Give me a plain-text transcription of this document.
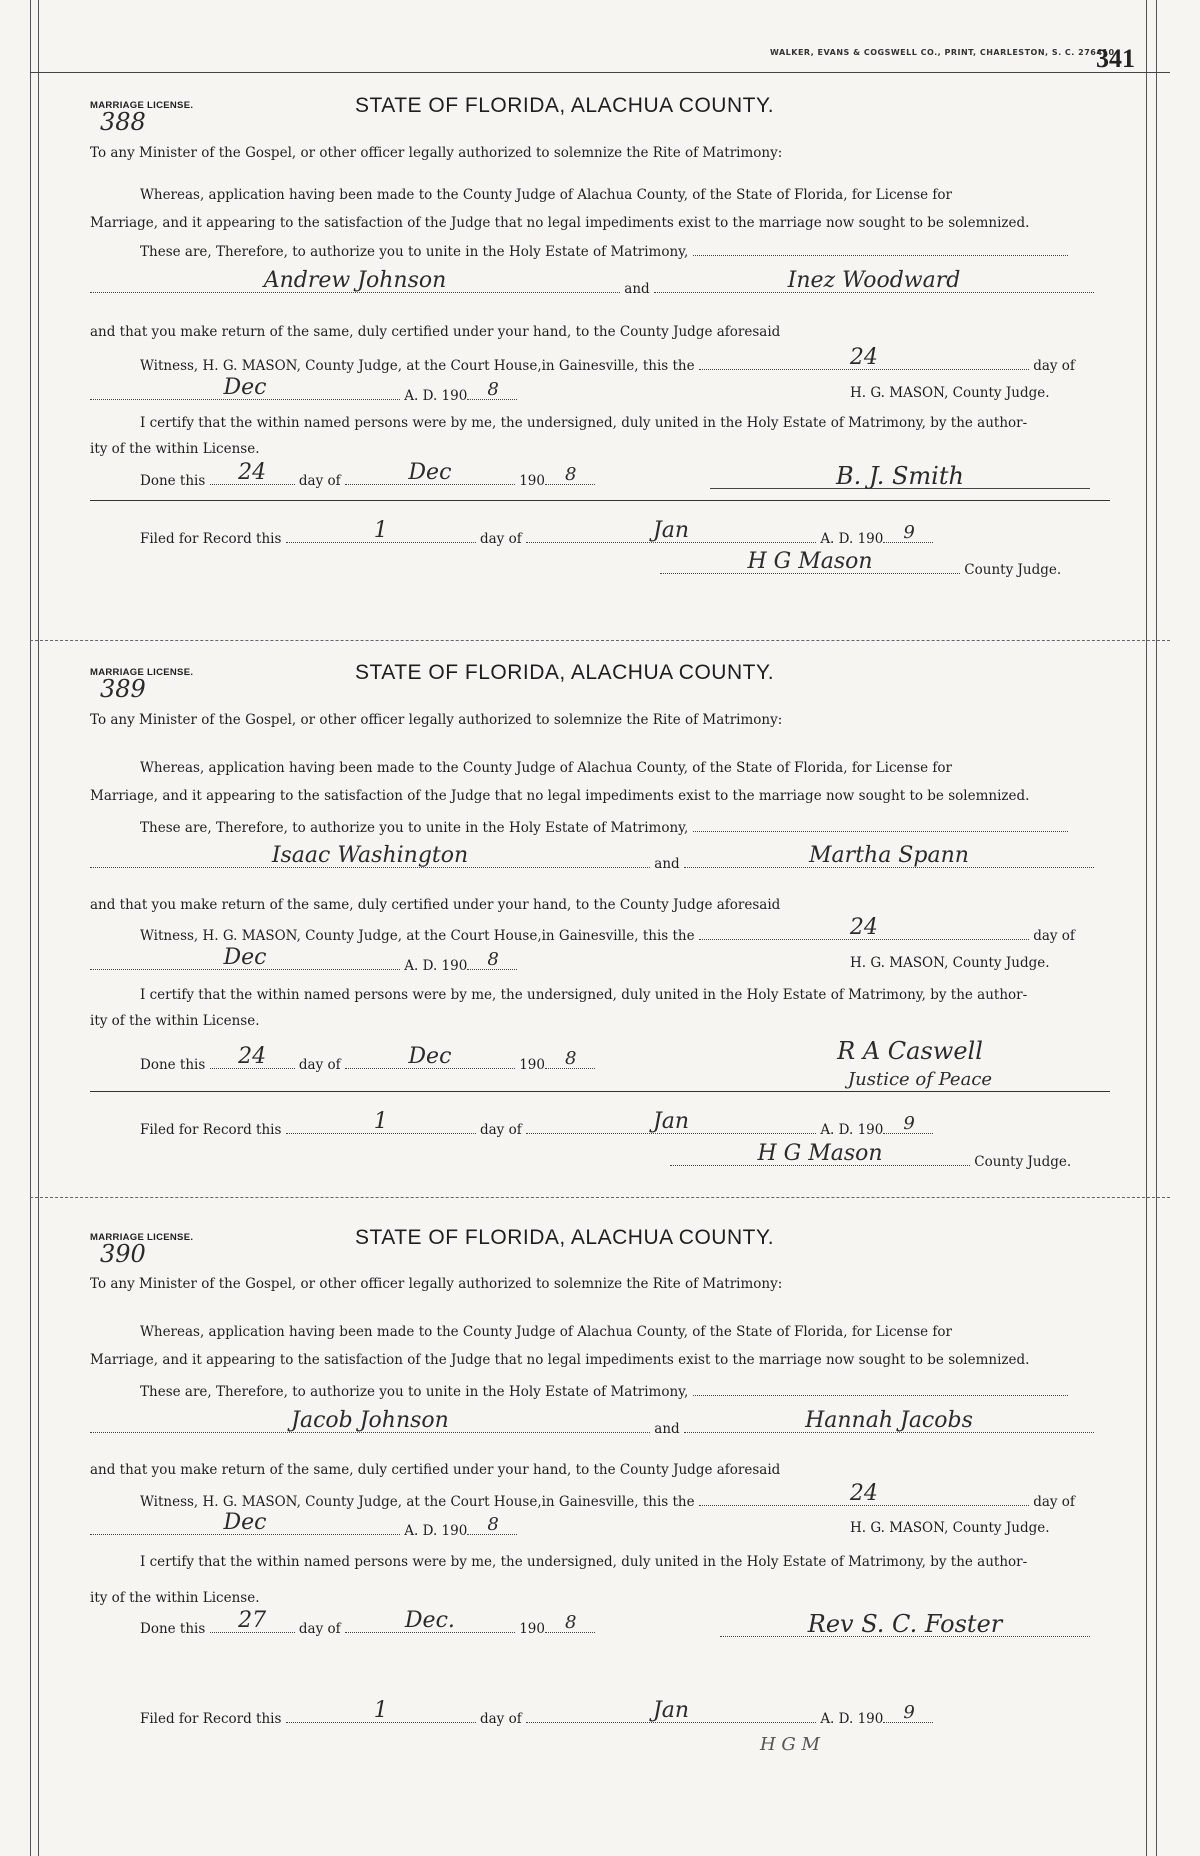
WALKER, EVANS & COGSWELL CO., PRINT, CHARLESTON, S. C. 276410
341
MARRIAGE LICENSE.
388
STATE OF FLORIDA, ALACHUA COUNTY.
To any Minister of the Gospel, or other officer legally authorized to solemnize the Rite of Matrimony:
Whereas, application having been made to the County Judge of Alachua County, of the State of Florida, for License for
Marriage, and it appearing to the satisfaction of the Judge that no legal impediments exist to the marriage now sought to be solemnized.
These are, Therefore, to authorize you to unite in the Holy Estate of Matrimony,
Andrew Johnson	and	Inez Woodward
and that you make return of the same, duly certified under your hand, to the County Judge aforesaid
Witness, H. G. MASON, County Judge, at the Court House,in Gainesville, this the	24	day of
Dec	A. D. 190	8	H. G. MASON, County Judge.
I certify that the within named persons were by me, the undersigned, duly united in the Holy Estate of Matrimony, by the author-
ity of the within License.
Done this	24	day of	Dec	190	8	B. J. Smith
Filed for Record this	1	day of	Jan	A. D. 190	9
H G Mason	County Judge.
MARRIAGE LICENSE.
389
STATE OF FLORIDA, ALACHUA COUNTY.
To any Minister of the Gospel, or other officer legally authorized to solemnize the Rite of Matrimony:
Whereas, application having been made to the County Judge of Alachua County, of the State of Florida, for License for
Marriage, and it appearing to the satisfaction of the Judge that no legal impediments exist to the marriage now sought to be solemnized.
These are, Therefore, to authorize you to unite in the Holy Estate of Matrimony,
Isaac Washington	and	Martha Spann
and that you make return of the same, duly certified under your hand, to the County Judge aforesaid
Witness, H. G. MASON, County Judge, at the Court House,in Gainesville, this the	24	day of
Dec	A. D. 190	8	H. G. MASON, County Judge.
I certify that the within named persons were by me, the undersigned, duly united in the Holy Estate of Matrimony, by the author-
ity of the within License.
Done this	24	day of	Dec	190	8	R A Caswell
Justice of Peace
Filed for Record this	1	day of	Jan	A. D. 190	9
H G Mason	County Judge.
MARRIAGE LICENSE.
390
STATE OF FLORIDA, ALACHUA COUNTY.
To any Minister of the Gospel, or other officer legally authorized to solemnize the Rite of Matrimony:
Whereas, application having been made to the County Judge of Alachua County, of the State of Florida, for License for
Marriage, and it appearing to the satisfaction of the Judge that no legal impediments exist to the marriage now sought to be solemnized.
These are, Therefore, to authorize you to unite in the Holy Estate of Matrimony,
Jacob Johnson	and	Hannah Jacobs
and that you make return of the same, duly certified under your hand, to the County Judge aforesaid
Witness, H. G. MASON, County Judge, at the Court House,in Gainesville, this the	24	day of
Dec	A. D. 190	8	H. G. MASON, County Judge.
I certify that the within named persons were by me, the undersigned, duly united in the Holy Estate of Matrimony, by the author-
ity of the within License.
Done this	27	day of	Dec.	190	8	Rev S. C. Foster
Filed for Record this	1	day of	Jan	A. D. 190	9
H G M
